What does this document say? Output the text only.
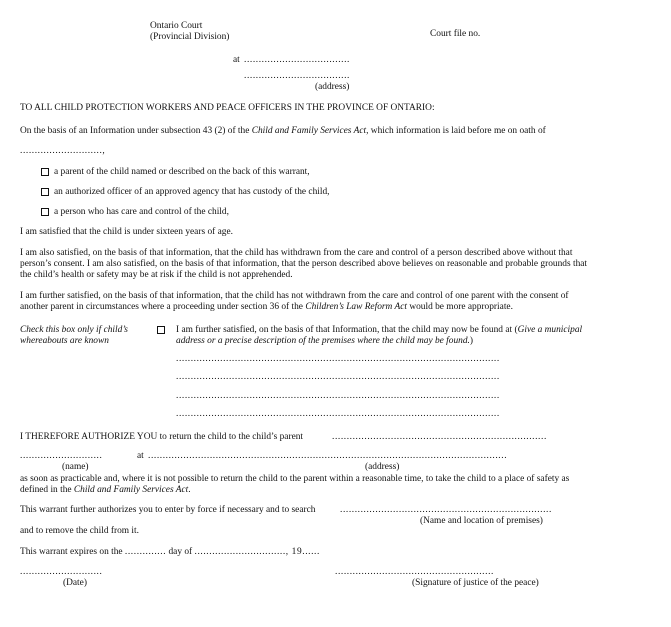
Ontario Court
(Provincial Division)	Court file no.
at ....................................
....................................
(address)
TO ALL CHILD PROTECTION WORKERS AND PEACE OFFICERS IN THE PROVINCE OF ONTARIO:
On the basis of an Information under subsection 43 (2) of the Child and Family Services Act, which information is laid before me on oath of
............................,
a parent of the child named or described on the back of this warrant,
an authorized officer of an approved agency that has custody of the child,
a person who has care and control of the child,
I am satisfied that the child is under sixteen years of age.
I am also satisfied, on the basis of that information, that the child has withdrawn from the care and control of a person described above without that
person’s consent. I am also satisfied, on the basis of that information, that the person described above believes on reasonable and probable grounds that
the child’s health or safety may be at risk if the child is not apprehended.
I am further satisfied, on the basis of that information, that the child has not withdrawn from the care and control of one parent with the consent of
another parent in circumstances where a proceeding under section 36 of the Children’s Law Reform Act would be more appropriate.
Check this box only if child’s
whereabouts are known
I am further satisfied, on the basis of that Information, that the child may now be found at (Give a municipal
address or a precise description of the premises where the child may be found.)
..............................................................................................................
..............................................................................................................
..............................................................................................................
..............................................................................................................
I THEREFORE AUTHORIZE YOU to return the child to the child’s parent	.........................................................................
............................	at ..........................................................................................................................
(name)	(address)
as soon as practicable and, where it is not possible to return the child to the parent within a reasonable time, to take the child to a place of safety as
defined in the Child and Family Services Act.
This warrant further authorizes you to enter by force if necessary and to search	........................................................................
(Name and location of premises)
and to remove the child from it.
This warrant expires on the .............. day of ..............................., 19......
............................
(Date)
......................................................
(Signature of justice of the peace)
